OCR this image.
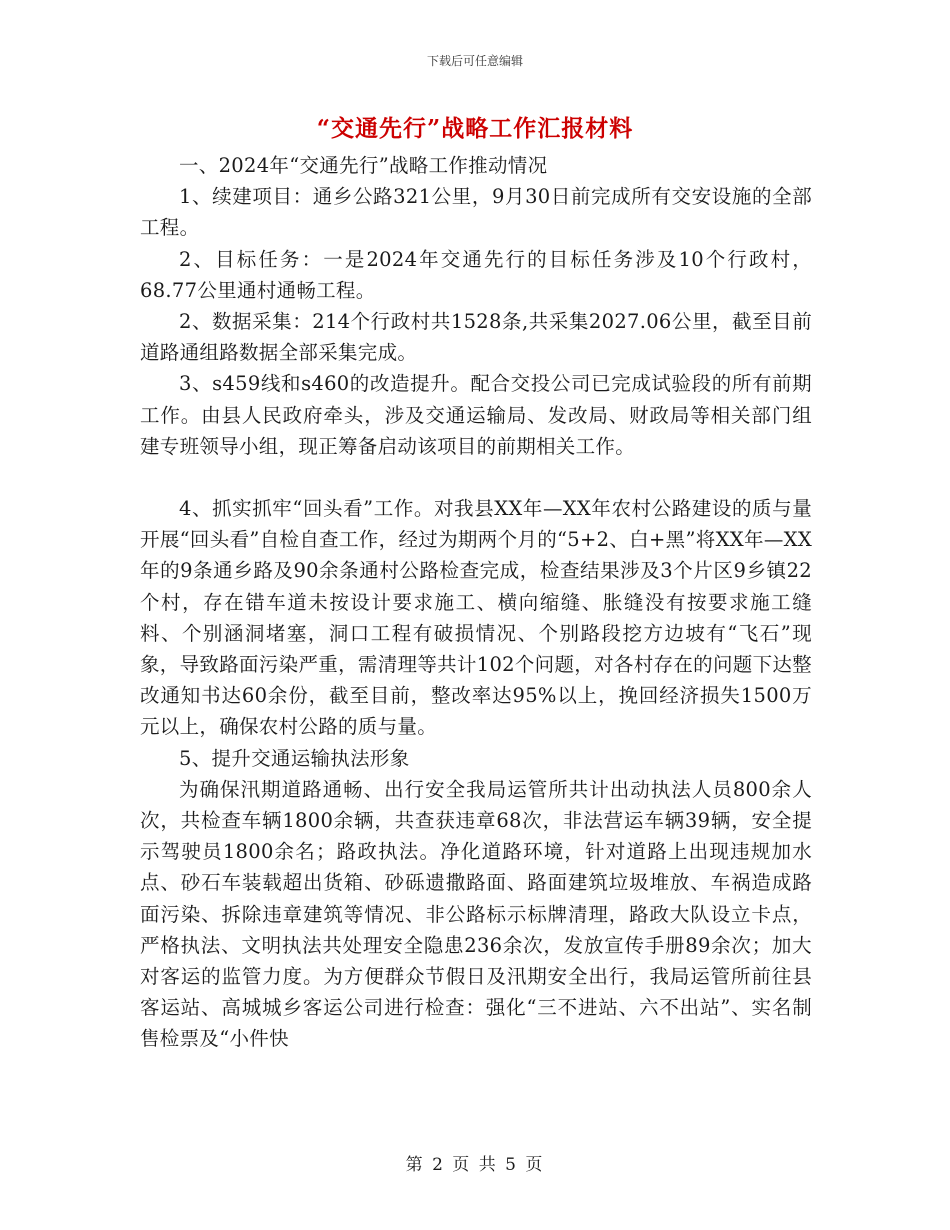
下载后可任意编辑
“交通先行”战略工作汇报材料

一、2024年“交通先行”战略工作推动情况

1、续建项目：通乡公路321公里，9月30日前完成所有交安设施的全部工程。

2、目标任务：一是2024年交通先行的目标任务涉及10个行政村，68.77公里通村通畅工程。

2、数据采集：214个行政村共1528条,共采集2027.06公里，截至目前道路通组路数据全部采集完成。

3、s459线和s460的改造提升。配合交投公司已完成试验段的所有前期工作。由县人民政府牵头，涉及交通运输局、发改局、财政局等相关部门组建专班领导小组，现正筹备启动该项目的前期相关工作。

4、抓实抓牢“回头看”工作。对我县XX年—XX年农村公路建设的质与量开展“回头看”自检自查工作，经过为期两个月的“5+2、白+黑”将XX年—XX年的9条通乡路及90余条通村公路检查完成，检查结果涉及3个片区9乡镇22个村，存在错车道未按设计要求施工、横向缩缝、胀缝没有按要求施工缝料、个别涵洞堵塞，洞口工程有破损情况、个别路段挖方边坡有“飞石”现象，导致路面污染严重，需清理等共计102个问题，对各村存在的问题下达整改通知书达60余份，截至目前，整改率达95%以上，挽回经济损失1500万元以上，确保农村公路的质与量。

5、提升交通运输执法形象

为确保汛期道路通畅、出行安全我局运管所共计出动执法人员800余人次，共检查车辆1800余辆，共查获违章68次，非法营运车辆39辆，安全提示驾驶员1800余名；路政执法。净化道路环境，针对道路上出现违规加水点、砂石车装载超出货箱、砂砾遗撒路面、路面建筑垃圾堆放、车祸造成路面污染、拆除违章建筑等情况、非公路标示标牌清理，路政大队设立卡点，严格执法、文明执法共处理安全隐患236余次，发放宣传手册89余次；加大对客运的监管力度。为方便群众节假日及汛期安全出行，我局运管所前往县客运站、高城城乡客运公司进行检查：强化“三不进站、六不出站”、实名制售检票及“小件快

第 2 页 共 5 页
